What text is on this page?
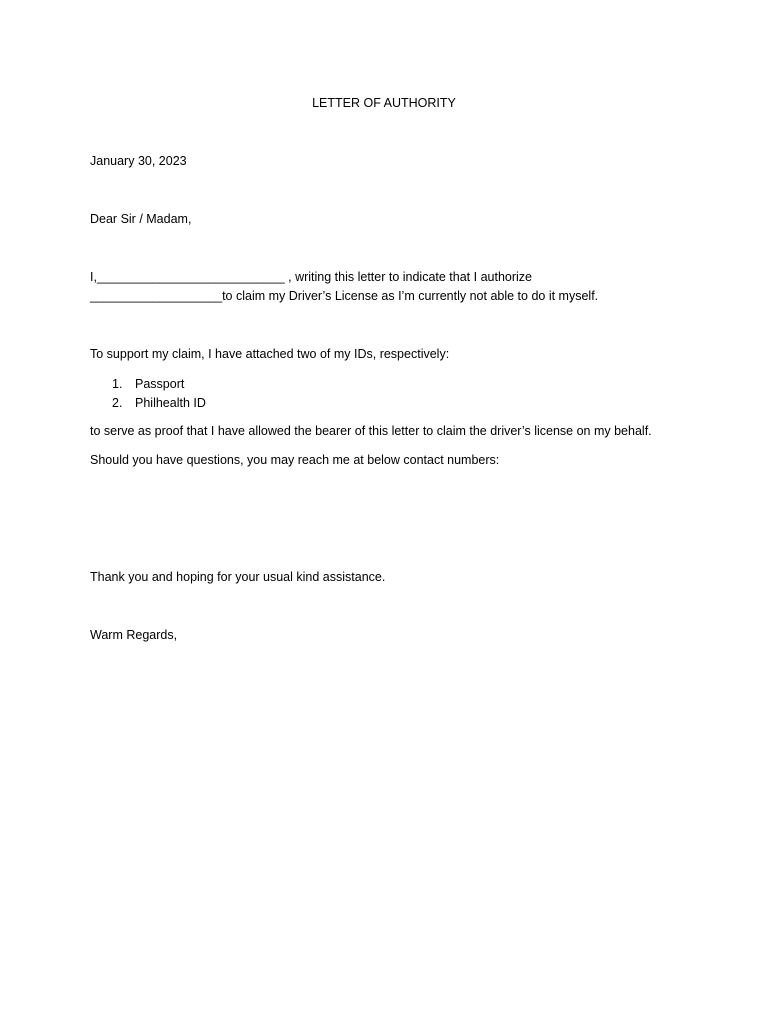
LETTER OF AUTHORITY
January 30, 2023
Dear Sir / Madam,
I,___________________________ , writing this letter to indicate that I authorize
___________________to claim my Driver’s License as I’m currently not able to do it myself.
To support my claim, I have attached two of my IDs, respectively:
1.	Passport
2.	Philhealth ID
to serve as proof that I have allowed the bearer of this letter to claim the driver’s license on my behalf.
Should you have questions, you may reach me at below contact numbers:
Thank you and hoping for your usual kind assistance.
Warm Regards,
